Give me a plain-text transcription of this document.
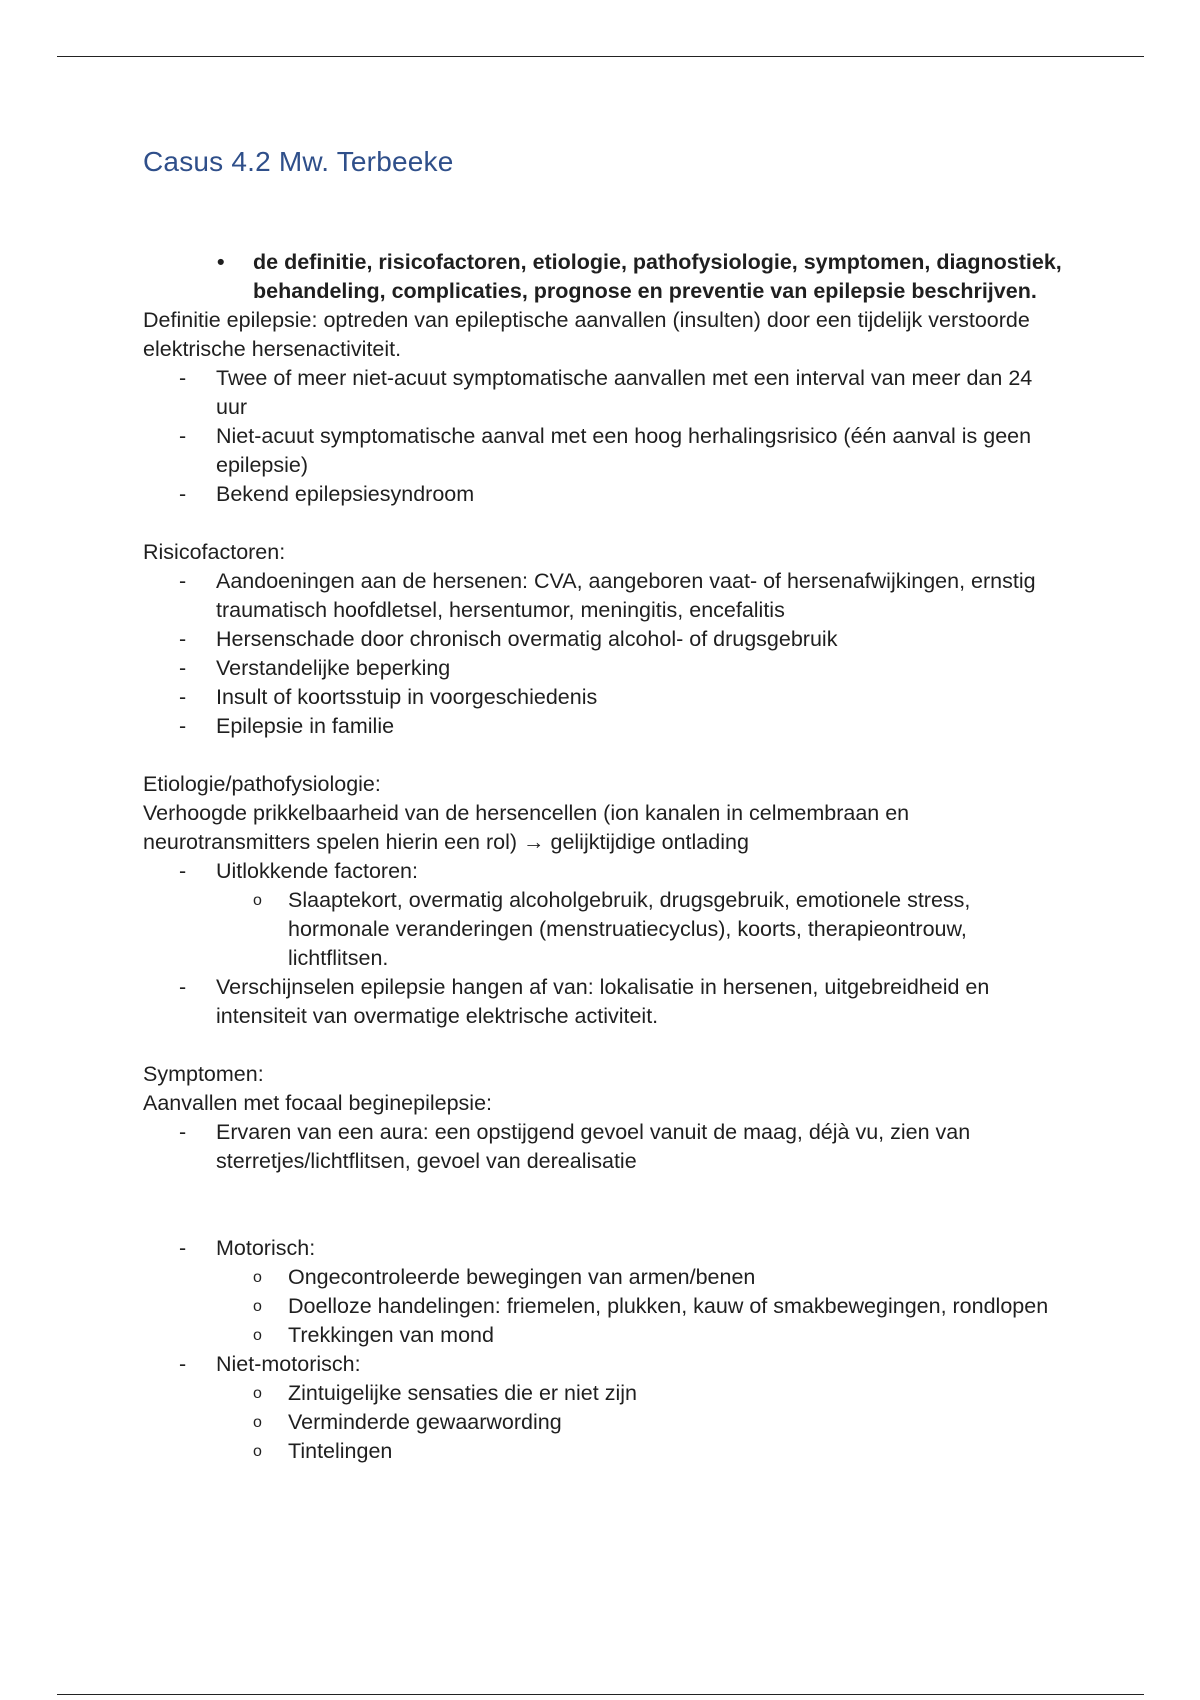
Casus 4.2 Mw. Terbeeke
• de definitie, risicofactoren, etiologie, pathofysiologie, symptomen, diagnostiek, behandeling, complicaties, prognose en preventie van epilepsie beschrijven.
Definitie epilepsie: optreden van epileptische aanvallen (insulten) door een tijdelijk verstoorde elektrische hersenactiviteit.
- Twee of meer niet-acuut symptomatische aanvallen met een interval van meer dan 24 uur
- Niet-acuut symptomatische aanval met een hoog herhalingsrisico (één aanval is geen epilepsie)
- Bekend epilepsiesyndroom
Risicofactoren:
- Aandoeningen aan de hersenen: CVA, aangeboren vaat- of hersenafwijkingen, ernstig traumatisch hoofdletsel, hersentumor, meningitis, encefalitis
- Hersenschade door chronisch overmatig alcohol- of drugsgebruik
- Verstandelijke beperking
- Insult of koortsstuip in voorgeschiedenis
- Epilepsie in familie
Etiologie/pathofysiologie:
Verhoogde prikkelbaarheid van de hersencellen (ion kanalen in celmembraan en neurotransmitters spelen hierin een rol) → gelijktijdige ontlading
- Uitlokkende factoren:
o Slaaptekort, overmatig alcoholgebruik, drugsgebruik, emotionele stress, hormonale veranderingen (menstruatiecyclus), koorts, therapieontrouw, lichtflitsen.
- Verschijnselen epilepsie hangen af van: lokalisatie in hersenen, uitgebreidheid en intensiteit van overmatige elektrische activiteit.
Symptomen:
Aanvallen met focaal beginepilepsie:
- Ervaren van een aura: een opstijgend gevoel vanuit de maag, déjà vu, zien van sterretjes/lichtflitsen, gevoel van derealisatie
- Motorisch:
o Ongecontroleerde bewegingen van armen/benen
o Doelloze handelingen: friemelen, plukken, kauw of smakbewegingen, rondlopen
o Trekkingen van mond
- Niet-motorisch:
o Zintuigelijke sensaties die er niet zijn
o Verminderde gewaarwording
o Tintelingen
